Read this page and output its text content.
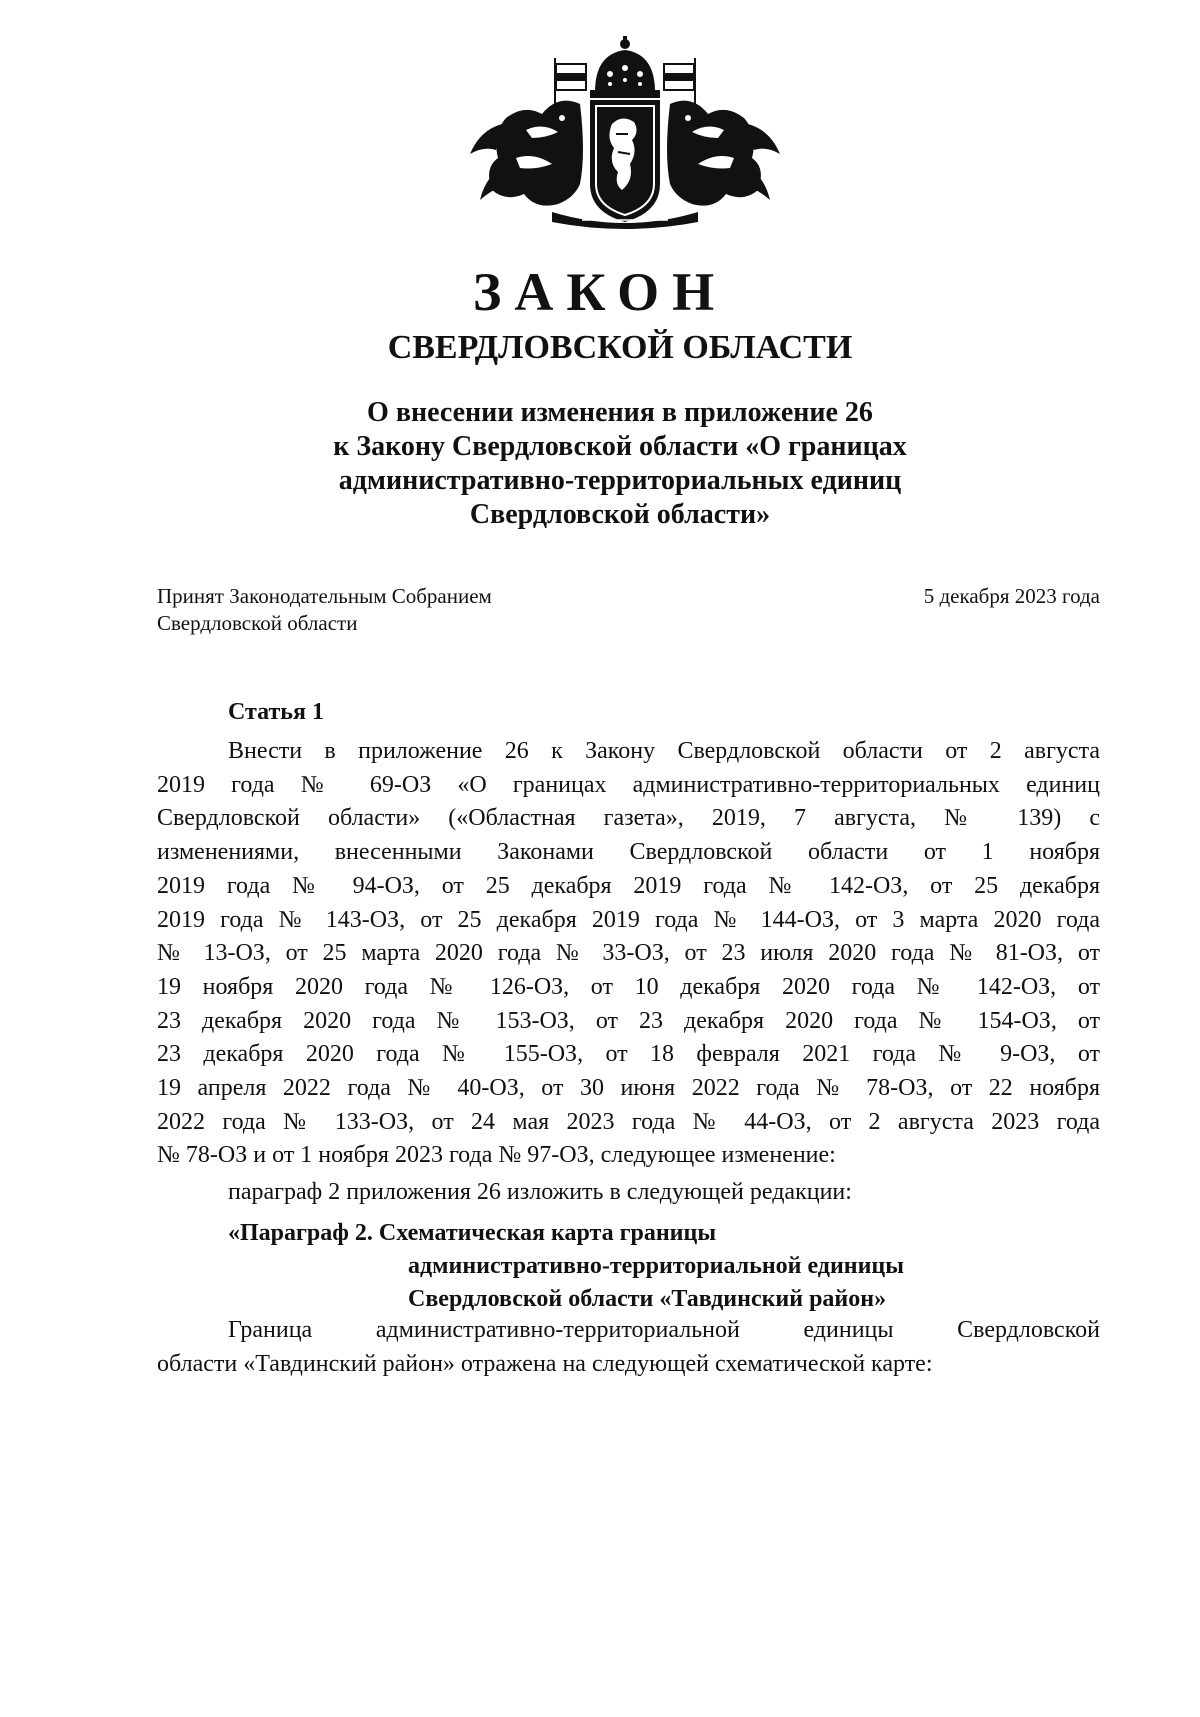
ЗАКОН
СВЕРДЛОВСКОЙ ОБЛАСТИ
О внесении изменения в приложение 26
к Закону Свердловской области «О границах
административно-территориальных единиц
Свердловской области»
Принят Законодательным Собранием
Свердловской области
5 декабря 2023 года
Статья 1
Внести в приложение 26 к Закону Свердловской области от 2 августа
2019 года № 69-ОЗ «О границах административно-территориальных единиц
Свердловской области» («Областная газета», 2019, 7 августа, № 139) с
изменениями, внесенными Законами Свердловской области от 1 ноября
2019 года № 94-ОЗ, от 25 декабря 2019 года № 142-ОЗ, от 25 декабря
2019 года № 143-ОЗ, от 25 декабря 2019 года № 144-ОЗ, от 3 марта 2020 года
№ 13-ОЗ, от 25 марта 2020 года № 33-ОЗ, от 23 июля 2020 года № 81-ОЗ, от
19 ноября 2020 года № 126-ОЗ, от 10 декабря 2020 года № 142-ОЗ, от
23 декабря 2020 года № 153-ОЗ, от 23 декабря 2020 года № 154-ОЗ, от
23 декабря 2020 года № 155-ОЗ, от 18 февраля 2021 года № 9-ОЗ, от
19 апреля 2022 года № 40-ОЗ, от 30 июня 2022 года № 78-ОЗ, от 22 ноября
2022 года № 133-ОЗ, от 24 мая 2023 года № 44-ОЗ, от 2 августа 2023 года
№ 78-ОЗ и от 1 ноября 2023 года № 97-ОЗ, следующее изменение:
параграф 2 приложения 26 изложить в следующей редакции:
«Параграф 2. Схематическая карта границы
административно-территориальной единицы
Свердловской области «Тавдинский район»
Граница административно-территориальной единицы Свердловской
области «Тавдинский район» отражена на следующей схематической карте:
